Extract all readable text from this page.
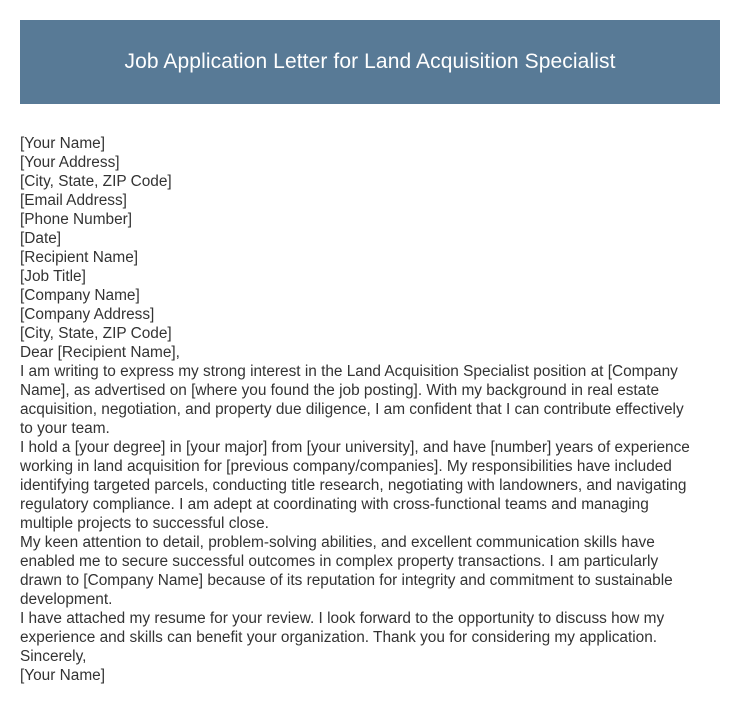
Job Application Letter for Land Acquisition Specialist
[Your Name]
[Your Address]
[City, State, ZIP Code]
[Email Address]
[Phone Number]
[Date]
[Recipient Name]
[Job Title]
[Company Name]
[Company Address]
[City, State, ZIP Code]
Dear [Recipient Name],
I am writing to express my strong interest in the Land Acquisition Specialist position at [Company
Name], as advertised on [where you found the job posting]. With my background in real estate
acquisition, negotiation, and property due diligence, I am confident that I can contribute effectively
to your team.
I hold a [your degree] in [your major] from [your university], and have [number] years of experience
working in land acquisition for [previous company/companies]. My responsibilities have included
identifying targeted parcels, conducting title research, negotiating with landowners, and navigating
regulatory compliance. I am adept at coordinating with cross-functional teams and managing
multiple projects to successful close.
My keen attention to detail, problem-solving abilities, and excellent communication skills have
enabled me to secure successful outcomes in complex property transactions. I am particularly
drawn to [Company Name] because of its reputation for integrity and commitment to sustainable
development.
I have attached my resume for your review. I look forward to the opportunity to discuss how my
experience and skills can benefit your organization. Thank you for considering my application.
Sincerely,
[Your Name]
